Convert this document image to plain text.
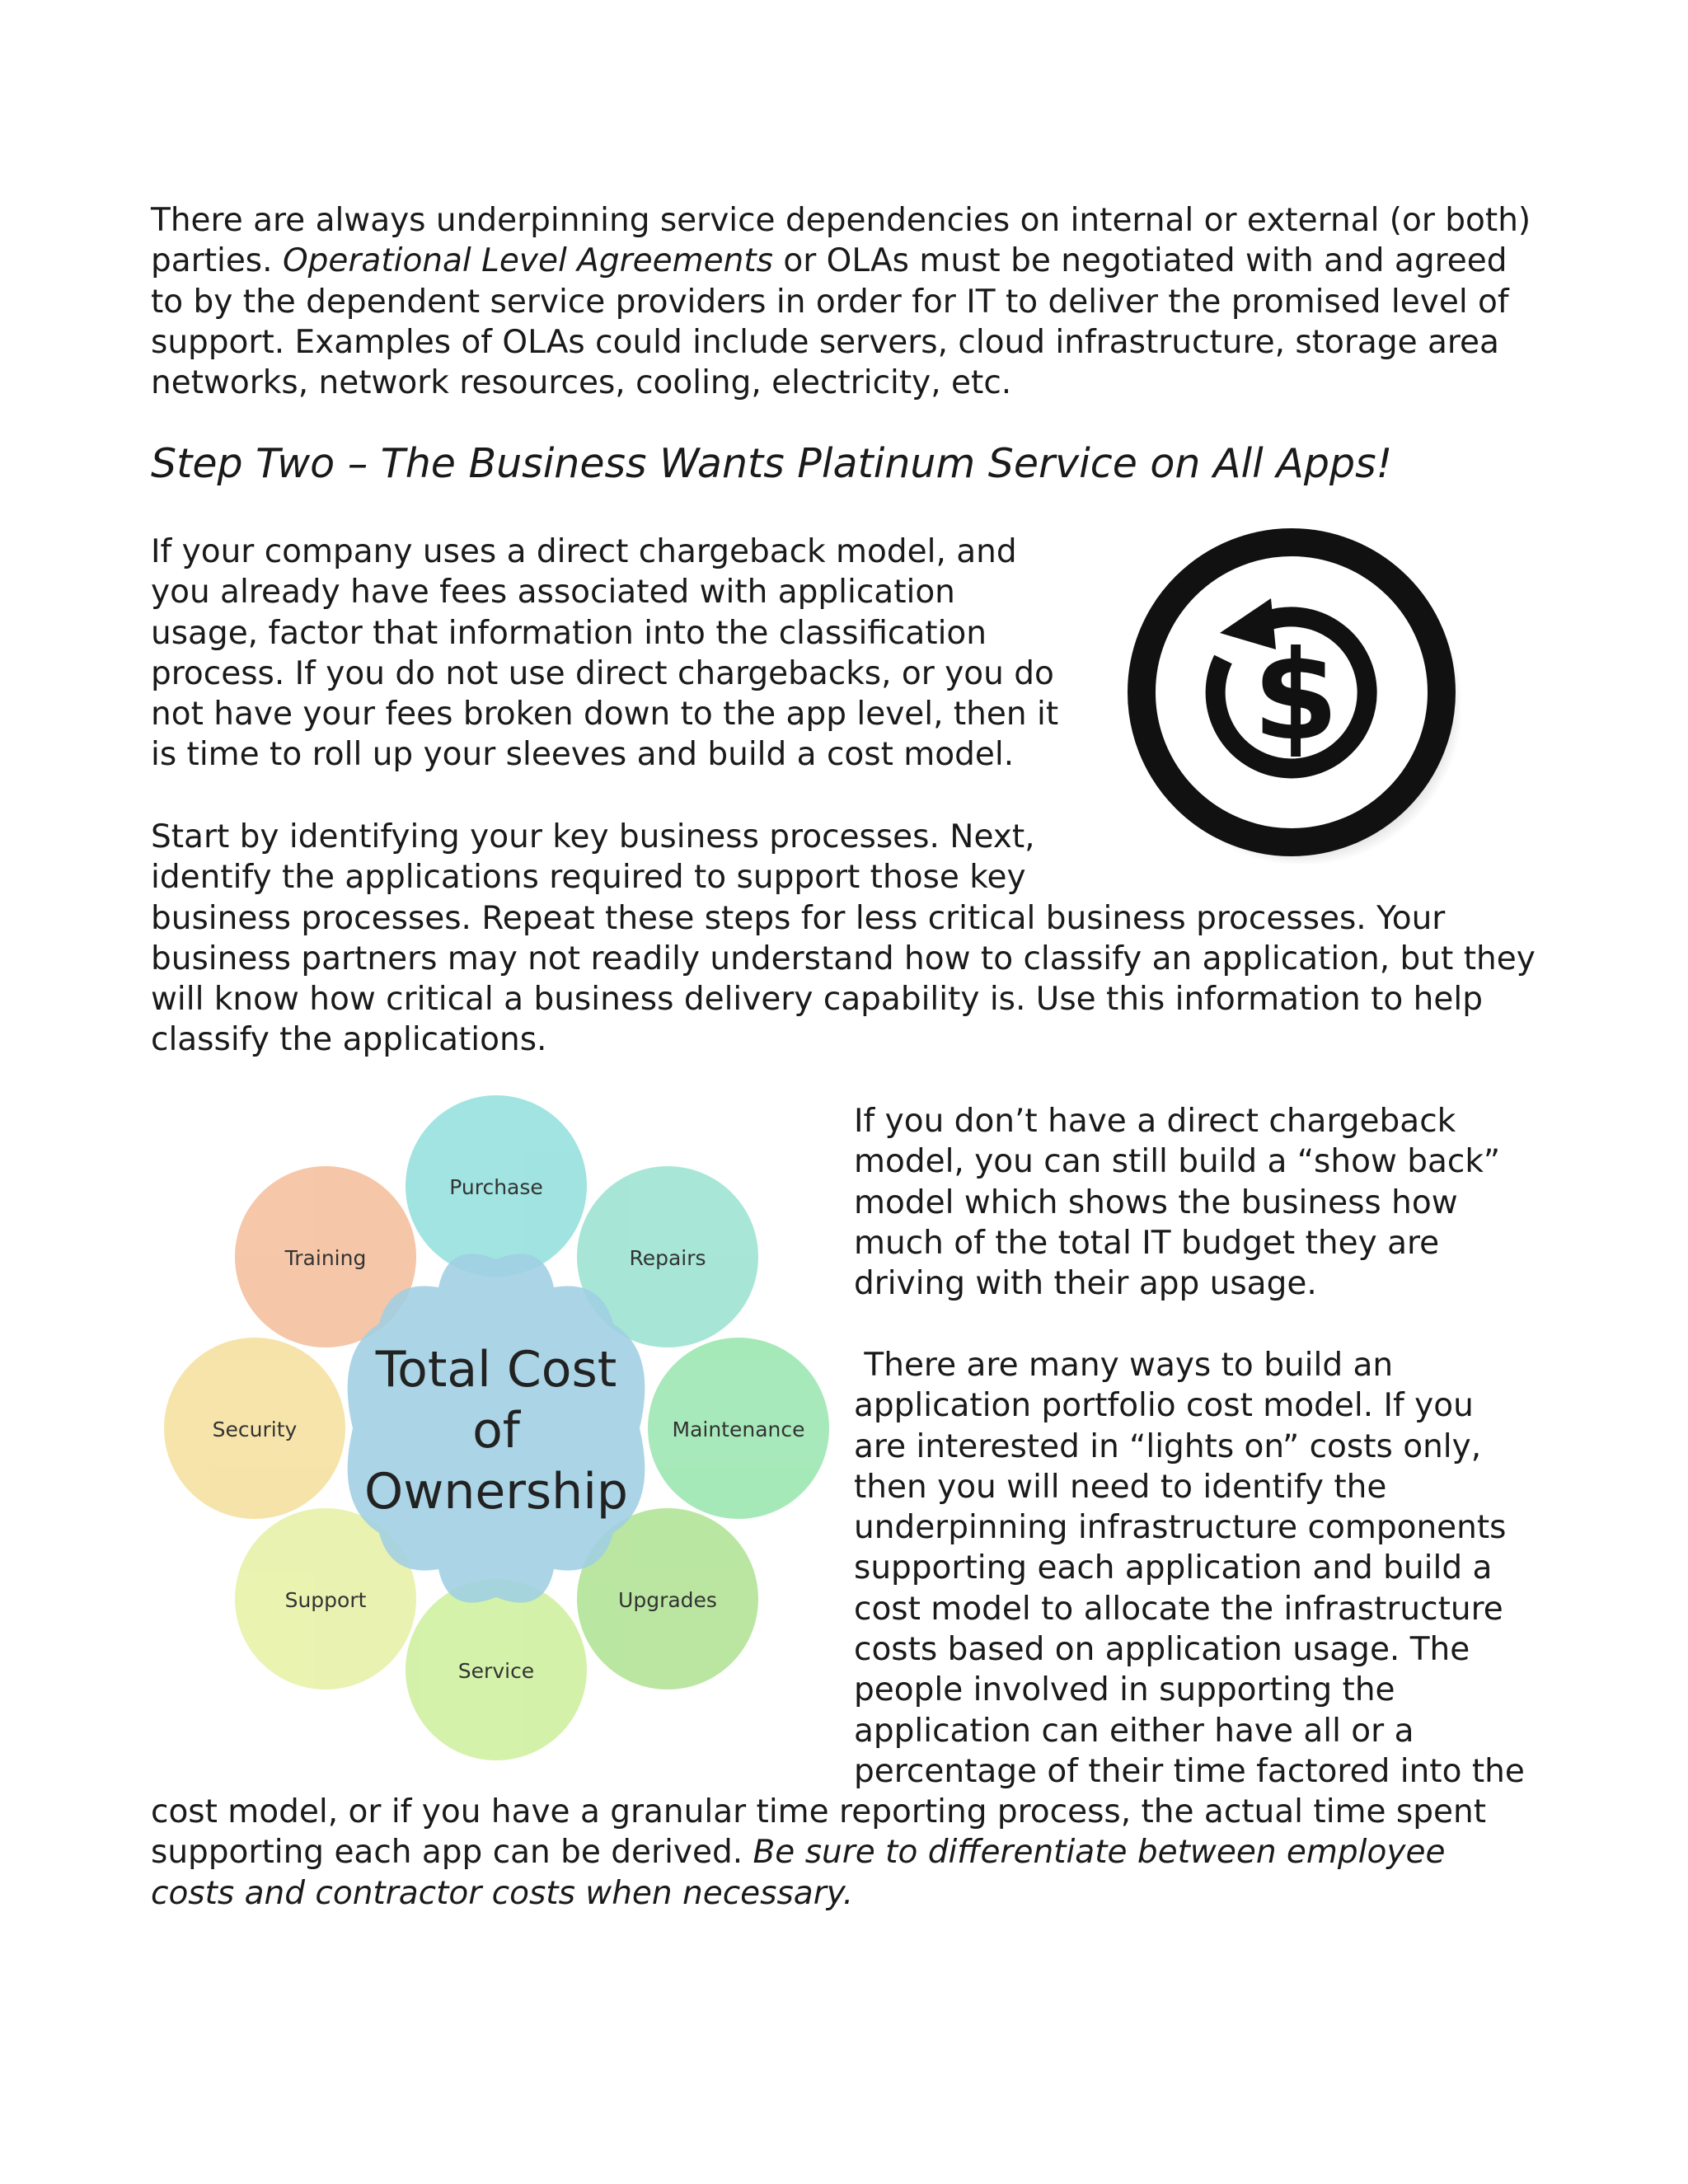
There are always underpinning service dependencies on internal or external (or both)
parties. Operational Level Agreements or OLAs must be negotiated with and agreed
to by the dependent service providers in order for IT to deliver the promised level of
support. Examples of OLAs could include servers, cloud infrastructure, storage area
networks, network resources, cooling, electricity, etc.

Step Two – The Business Wants Platinum Service on All Apps!

If your company uses a direct chargeback model, and
you already have fees associated with application
usage, factor that information into the classification
process. If you do not use direct chargebacks, or you do
not have your fees broken down to the app level, then it
is time to roll up your sleeves and build a cost model.	$

Start by identifying your key business processes. Next,
identify the applications required to support those key
business processes. Repeat these steps for less critical business processes. Your
business partners may not readily understand how to classify an application, but they
will know how critical a business delivery capability is. Use this information to help
classify the applications.

Total Cost
of
Ownership
Purchase
Repairs
Maintenance
Upgrades
Service
Support
Security
Training

If you don’t have a direct chargeback
model, you can still build a “show back”
model which shows the business how
much of the total IT budget they are
driving with their app usage.

There are many ways to build an
application portfolio cost model. If you
are interested in “lights on” costs only,
then you will need to identify the
underpinning infrastructure components
supporting each application and build a
cost model to allocate the infrastructure
costs based on application usage. The
people involved in supporting the
application can either have all or a
percentage of their time factored into the

cost model, or if you have a granular time reporting process, the actual time spent
supporting each app can be derived. Be sure to differentiate between employee
costs and contractor costs when necessary.
